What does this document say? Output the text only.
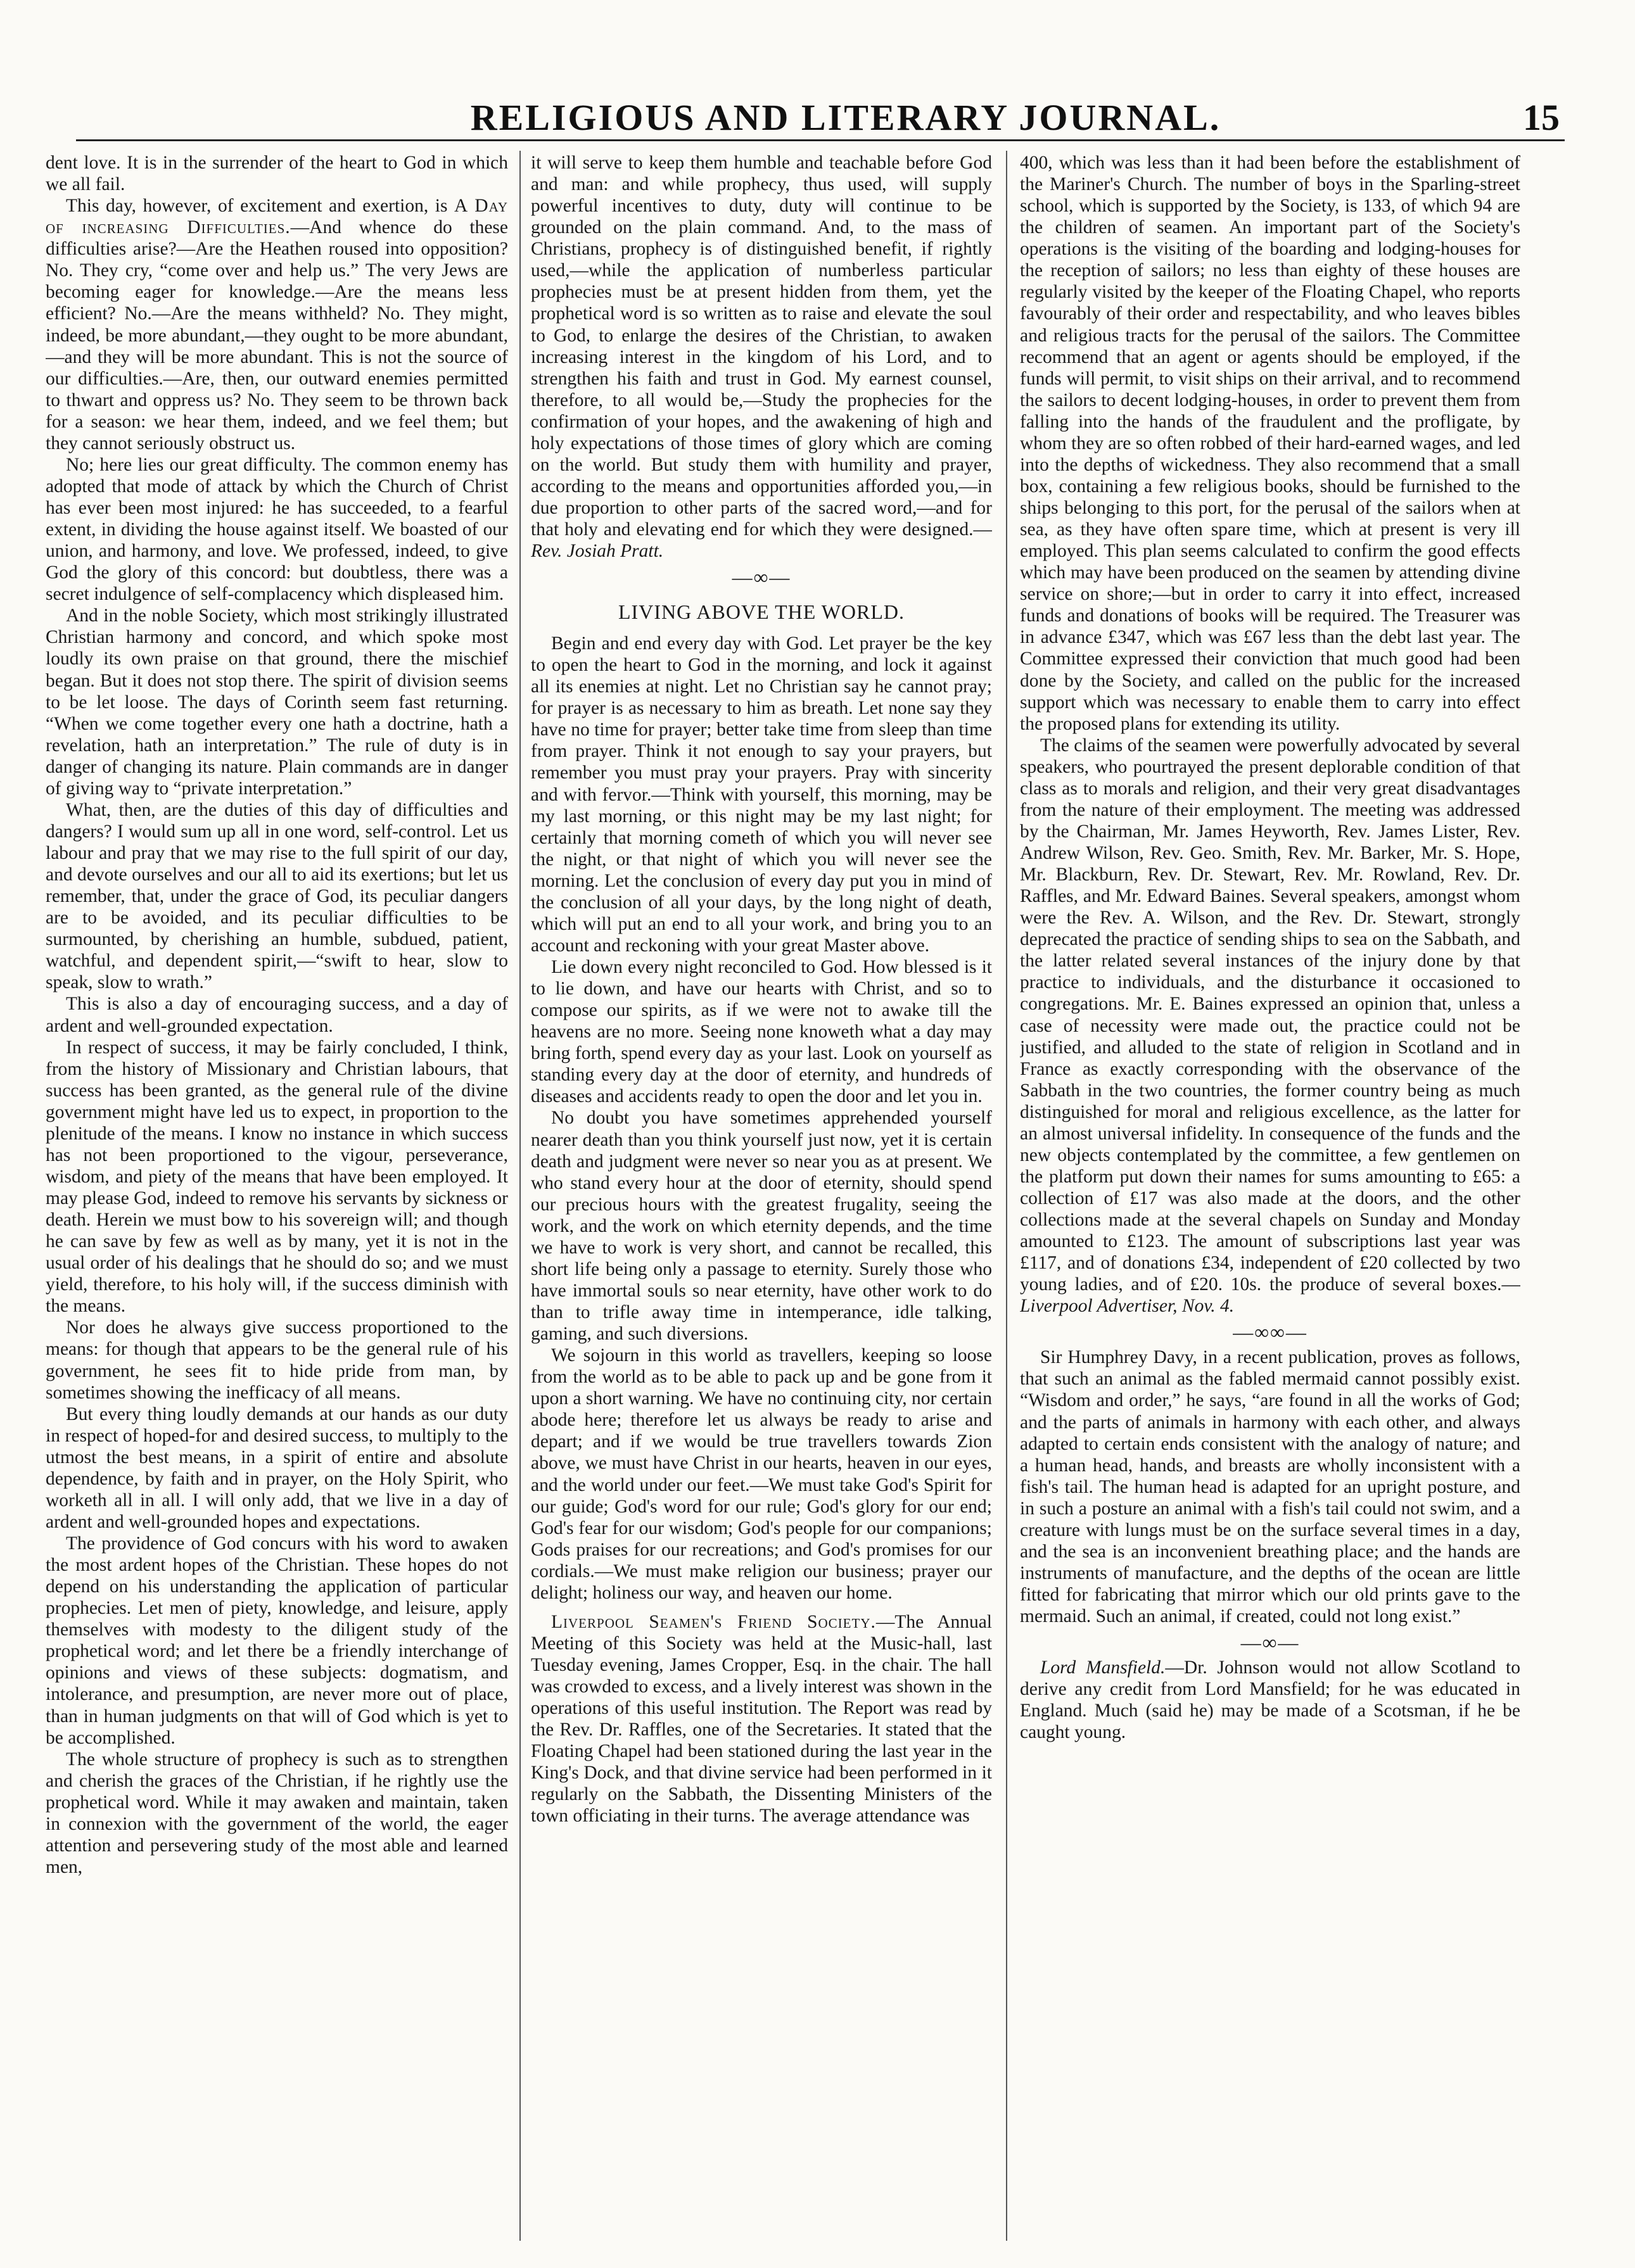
RELIGIOUS AND LITERARY JOURNAL.	15

dent love. It is in the surrender of the heart to God in which we all fail.

This day, however, of excitement and exertion, is A Day of increasing Difficulties.—And whence do these difficulties arise?—Are the Heathen roused into opposition? No. They cry, “come over and help us.” The very Jews are becoming eager for knowledge.—Are the means less efficient? No.—Are the means withheld? No. They might, indeed, be more abundant,—they ought to be more abundant,—and they will be more abundant. This is not the source of our difficulties.—Are, then, our outward enemies permitted to thwart and oppress us? No. They seem to be thrown back for a season: we hear them, indeed, and we feel them; but they cannot seriously obstruct us.

No; here lies our great difficulty. The common enemy has adopted that mode of attack by which the Church of Christ has ever been most injured: he has succeeded, to a fearful extent, in dividing the house against itself. We boasted of our union, and harmony, and love. We professed, indeed, to give God the glory of this concord: but doubtless, there was a secret indulgence of self-complacency which displeased him.

And in the noble Society, which most strikingly illustrated Christian harmony and concord, and which spoke most loudly its own praise on that ground, there the mischief began. But it does not stop there. The spirit of division seems to be let loose. The days of Corinth seem fast returning. “When we come together every one hath a doctrine, hath a revelation, hath an interpretation.” The rule of duty is in danger of changing its nature. Plain commands are in danger of giving way to “private interpretation.”

What, then, are the duties of this day of difficulties and dangers? I would sum up all in one word, self-control. Let us labour and pray that we may rise to the full spirit of our day, and devote ourselves and our all to aid its exertions; but let us remember, that, under the grace of God, its peculiar dangers are to be avoided, and its peculiar difficulties to be surmounted, by cherishing an humble, subdued, patient, watchful, and dependent spirit,—“swift to hear, slow to speak, slow to wrath.”

This is also a day of encouraging success, and a day of ardent and well-grounded expectation.

In respect of success, it may be fairly concluded, I think, from the history of Missionary and Christian labours, that success has been granted, as the general rule of the divine government might have led us to expect, in proportion to the plenitude of the means. I know no instance in which success has not been proportioned to the vigour, perseverance, wisdom, and piety of the means that have been employed. It may please God, indeed to remove his servants by sickness or death. Herein we must bow to his sovereign will; and though he can save by few as well as by many, yet it is not in the usual order of his dealings that he should do so; and we must yield, therefore, to his holy will, if the success diminish with the means.

Nor does he always give success proportioned to the means: for though that appears to be the general rule of his government, he sees fit to hide pride from man, by sometimes showing the inefficacy of all means.

But every thing loudly demands at our hands as our duty in respect of hoped-for and desired success, to multiply to the utmost the best means, in a spirit of entire and absolute dependence, by faith and in prayer, on the Holy Spirit, who worketh all in all. I will only add, that we live in a day of ardent and well-grounded hopes and expectations.

The providence of God concurs with his word to awaken the most ardent hopes of the Christian. These hopes do not depend on his understanding the application of particular prophecies. Let men of piety, knowledge, and leisure, apply themselves with modesty to the diligent study of the prophetical word; and let there be a friendly interchange of opinions and views of these subjects: dogmatism, and intolerance, and presumption, are never more out of place, than in human judgments on that will of God which is yet to be accomplished.

The whole structure of prophecy is such as to strengthen and cherish the graces of the Christian, if he rightly use the prophetical word. While it may awaken and maintain, taken in connexion with the government of the world, the eager attention and persevering study of the most able and learned men,

it will serve to keep them humble and teachable before God and man: and while prophecy, thus used, will supply powerful incentives to duty, duty will continue to be grounded on the plain command. And, to the mass of Christians, prophecy is of distinguished benefit, if rightly used,—while the application of numberless particular prophecies must be at present hidden from them, yet the prophetical word is so written as to raise and elevate the soul to God, to enlarge the desires of the Christian, to awaken increasing interest in the kingdom of his Lord, and to strengthen his faith and trust in God. My earnest counsel, therefore, to all would be,—Study the prophecies for the confirmation of your hopes, and the awakening of high and holy expectations of those times of glory which are coming on the world. But study them with humility and prayer, according to the means and opportunities afforded you,—in due proportion to other parts of the sacred word,—and for that holy and elevating end for which they were designed.—Rev. Josiah Pratt.

—∞—
LIVING ABOVE THE WORLD.

Begin and end every day with God. Let prayer be the key to open the heart to God in the morning, and lock it against all its enemies at night. Let no Christian say he cannot pray; for prayer is as necessary to him as breath. Let none say they have no time for prayer; better take time from sleep than time from prayer. Think it not enough to say your prayers, but remember you must pray your prayers. Pray with sincerity and with fervor.—Think with yourself, this morning, may be my last morning, or this night may be my last night; for certainly that morning cometh of which you will never see the night, or that night of which you will never see the morning. Let the conclusion of every day put you in mind of the conclusion of all your days, by the long night of death, which will put an end to all your work, and bring you to an account and reckoning with your great Master above.

Lie down every night reconciled to God. How blessed is it to lie down, and have our hearts with Christ, and so to compose our spirits, as if we were not to awake till the heavens are no more. Seeing none knoweth what a day may bring forth, spend every day as your last. Look on yourself as standing every day at the door of eternity, and hundreds of diseases and accidents ready to open the door and let you in.

No doubt you have sometimes apprehended yourself nearer death than you think yourself just now, yet it is certain death and judgment were never so near you as at present. We who stand every hour at the door of eternity, should spend our precious hours with the greatest frugality, seeing the work, and the work on which eternity depends, and the time we have to work is very short, and cannot be recalled, this short life being only a passage to eternity. Surely those who have immortal souls so near eternity, have other work to do than to trifle away time in intemperance, idle talking, gaming, and such diversions.

We sojourn in this world as travellers, keeping so loose from the world as to be able to pack up and be gone from it upon a short warning. We have no continuing city, nor certain abode here; therefore let us always be ready to arise and depart; and if we would be true travellers towards Zion above, we must have Christ in our hearts, heaven in our eyes, and the world under our feet.—We must take God's Spirit for our guide; God's word for our rule; God's glory for our end; God's fear for our wisdom; God's people for our companions; Gods praises for our recreations; and God's promises for our cordials.—We must make religion our business; prayer our delight; holiness our way, and heaven our home.

Liverpool Seamen's Friend Society.—The Annual Meeting of this Society was held at the Music-hall, last Tuesday evening, James Cropper, Esq. in the chair. The hall was crowded to excess, and a lively interest was shown in the operations of this useful institution. The Report was read by the Rev. Dr. Raffles, one of the Secretaries. It stated that the Floating Chapel had been stationed during the last year in the King's Dock, and that divine service had been performed in it regularly on the Sabbath, the Dissenting Ministers of the town officiating in their turns. The average attendance was

400, which was less than it had been before the establishment of the Mariner's Church. The number of boys in the Sparling-street school, which is supported by the Society, is 133, of which 94 are the children of seamen. An important part of the Society's operations is the visiting of the boarding and lodging-houses for the reception of sailors; no less than eighty of these houses are regularly visited by the keeper of the Floating Chapel, who reports favourably of their order and respectability, and who leaves bibles and religious tracts for the perusal of the sailors. The Committee recommend that an agent or agents should be employed, if the funds will permit, to visit ships on their arrival, and to recommend the sailors to decent lodging-houses, in order to prevent them from falling into the hands of the fraudulent and the profligate, by whom they are so often robbed of their hard-earned wages, and led into the depths of wickedness. They also recommend that a small box, containing a few religious books, should be furnished to the ships belonging to this port, for the perusal of the sailors when at sea, as they have often spare time, which at present is very ill employed. This plan seems calculated to confirm the good effects which may have been produced on the seamen by attending divine service on shore;—but in order to carry it into effect, increased funds and donations of books will be required. The Treasurer was in advance £347, which was £67 less than the debt last year. The Committee expressed their conviction that much good had been done by the Society, and called on the public for the increased support which was necessary to enable them to carry into effect the proposed plans for extending its utility.

The claims of the seamen were powerfully advocated by several speakers, who pourtrayed the present deplorable condition of that class as to morals and religion, and their very great disadvantages from the nature of their employment. The meeting was addressed by the Chairman, Mr. James Heyworth, Rev. James Lister, Rev. Andrew Wilson, Rev. Geo. Smith, Rev. Mr. Barker, Mr. S. Hope, Mr. Blackburn, Rev. Dr. Stewart, Rev. Mr. Rowland, Rev. Dr. Raffles, and Mr. Edward Baines. Several speakers, amongst whom were the Rev. A. Wilson, and the Rev. Dr. Stewart, strongly deprecated the practice of sending ships to sea on the Sabbath, and the latter related several instances of the injury done by that practice to individuals, and the disturbance it occasioned to congregations. Mr. E. Baines expressed an opinion that, unless a case of necessity were made out, the practice could not be justified, and alluded to the state of religion in Scotland and in France as exactly corresponding with the observance of the Sabbath in the two countries, the former country being as much distinguished for moral and religious excellence, as the latter for an almost universal infidelity. In consequence of the funds and the new objects contemplated by the committee, a few gentlemen on the platform put down their names for sums amounting to £65: a collection of £17 was also made at the doors, and the other collections made at the several chapels on Sunday and Monday amounted to £123. The amount of subscriptions last year was £117, and of donations £34, independent of £20 collected by two young ladies, and of £20. 10s. the produce of several boxes.—Liverpool Advertiser, Nov. 4.

—∞∞—

Sir Humphrey Davy, in a recent publication, proves as follows, that such an animal as the fabled mermaid cannot possibly exist. “Wisdom and order,” he says, “are found in all the works of God; and the parts of animals in harmony with each other, and always adapted to certain ends consistent with the analogy of nature; and a human head, hands, and breasts are wholly inconsistent with a fish's tail. The human head is adapted for an upright posture, and in such a posture an animal with a fish's tail could not swim, and a creature with lungs must be on the surface several times in a day, and the sea is an inconvenient breathing place; and the hands are instruments of manufacture, and the depths of the ocean are little fitted for fabricating that mirror which our old prints gave to the mermaid. Such an animal, if created, could not long exist.”

—∞—

Lord Mansfield.—Dr. Johnson would not allow Scotland to derive any credit from Lord Mansfield; for he was educated in England. Much (said he) may be made of a Scotsman, if he be caught young.
